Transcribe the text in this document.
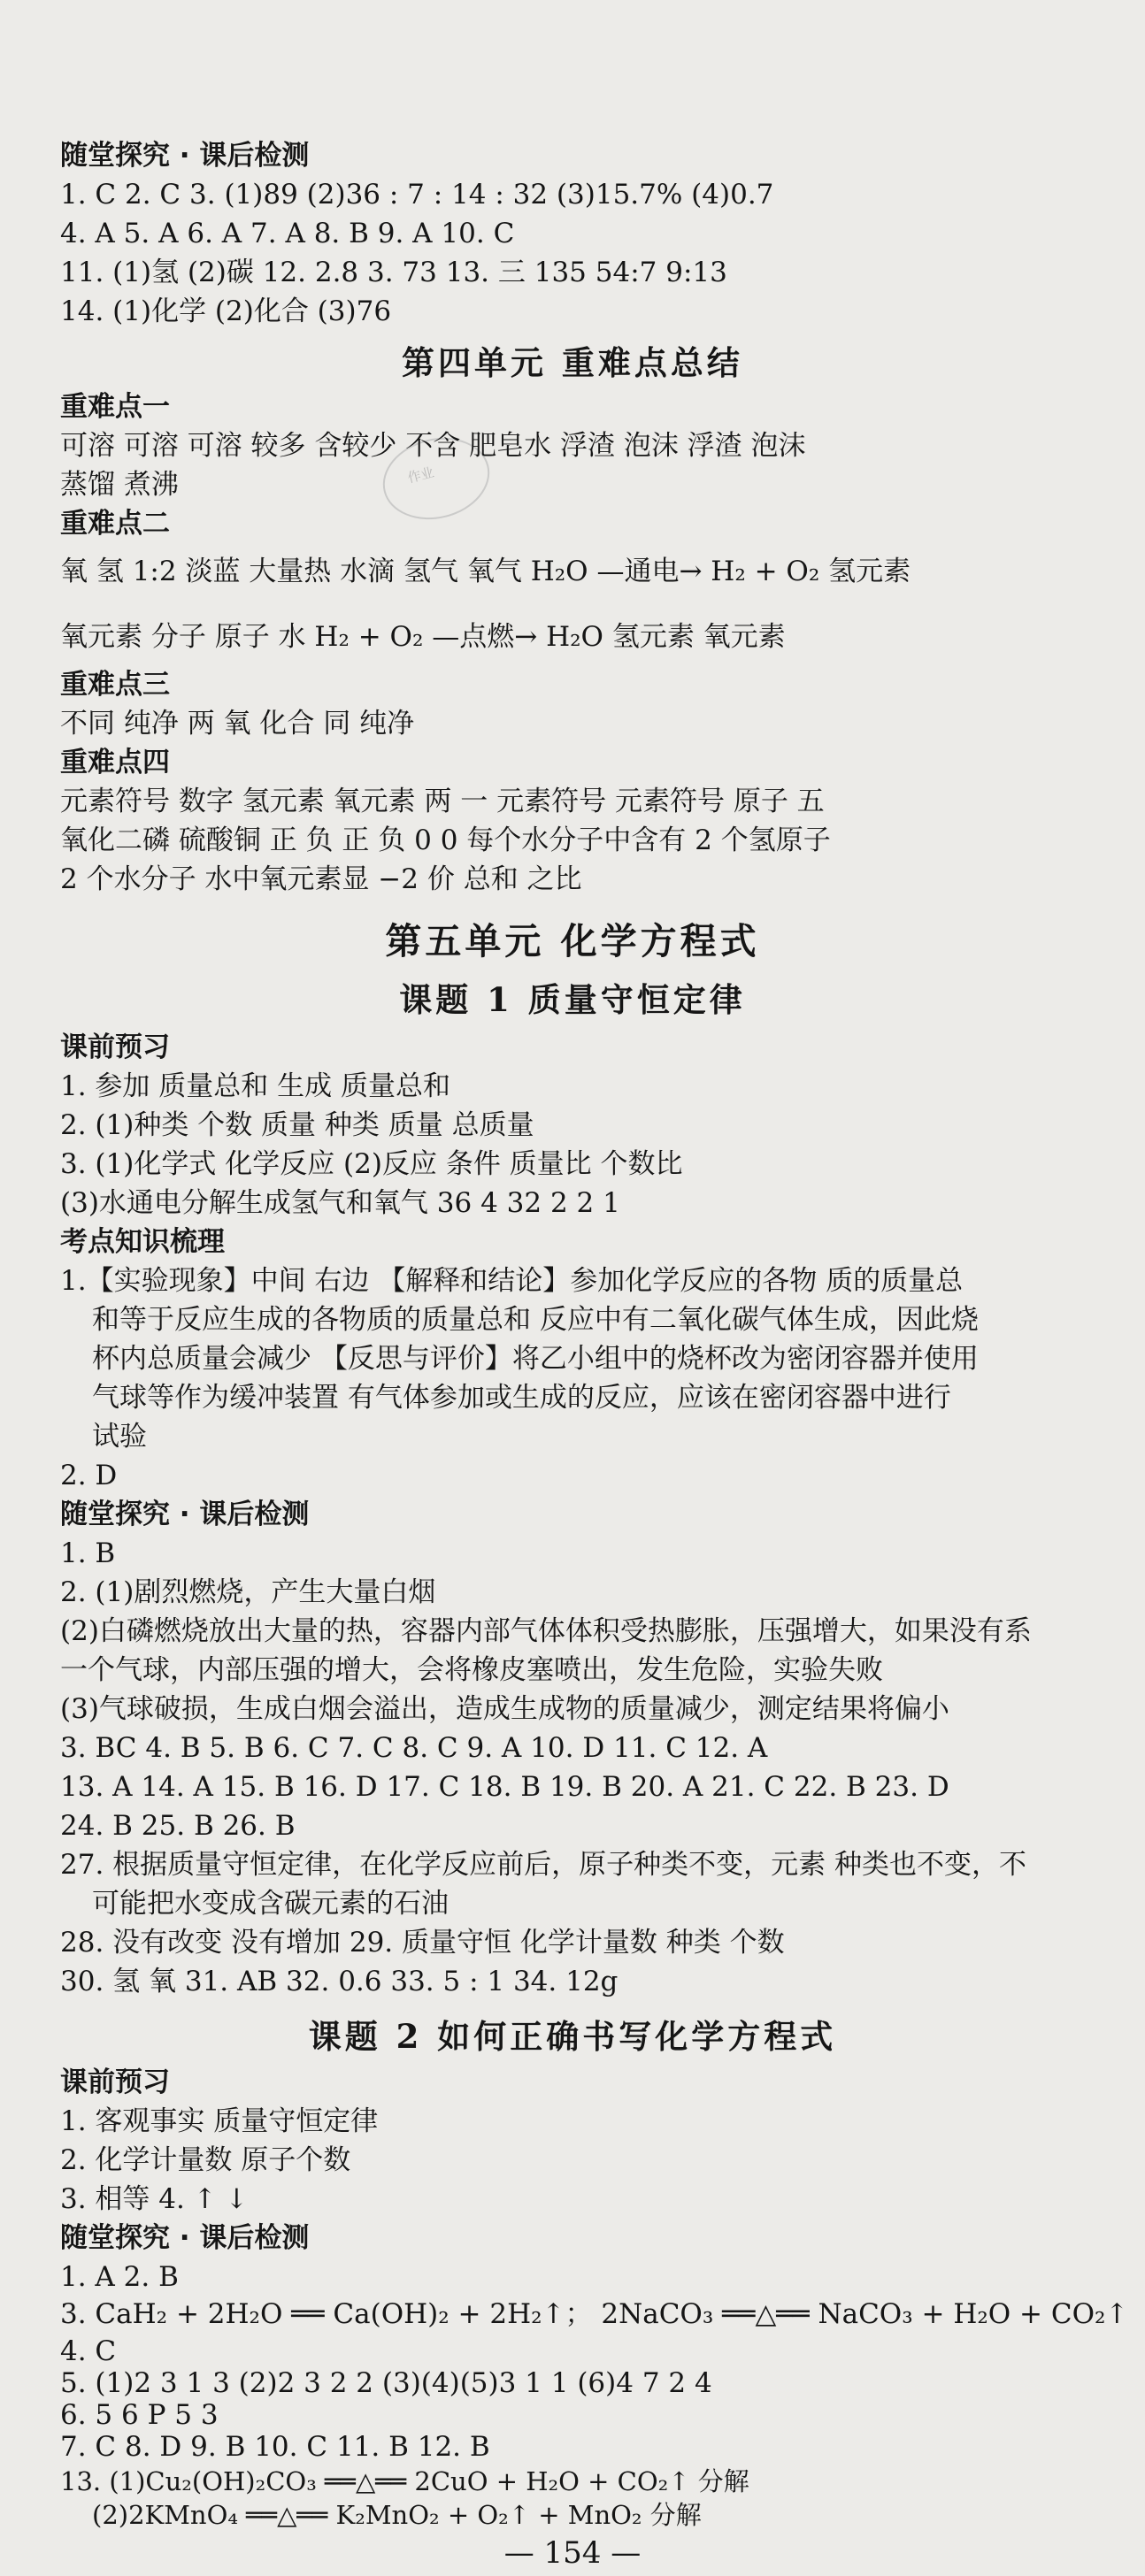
作业
随堂探究 · 课后检测
1. C 2. C 3. (1)89 (2)36 : 7 : 14 : 32 (3)15.7% (4)0.7
4. A 5. A 6. A 7. A 8. B 9. A 10. C
11. (1)氢 (2)碳 12. 2.8 3. 73 13. 三 135 54:7 9:13
14. (1)化学 (2)化合 (3)76
第四单元 重难点总结
重难点一
可溶 可溶 可溶 较多 含较少 不含 肥皂水 浮渣 泡沫 浮渣 泡沫
蒸馏 煮沸
重难点二
氧 氢 1:2 淡蓝 大量热 水滴 氢气 氧气 H₂O —通电→ H₂ + O₂ 氢元素
氧元素 分子 原子 水 H₂ + O₂ —点燃→ H₂O 氢元素 氧元素
重难点三
不同 纯净 两 氧 化合 同 纯净
重难点四
元素符号 数字 氢元素 氧元素 两 一 元素符号 元素符号 原子 五
氧化二磷 硫酸铜 正 负 正 负 0 0 每个水分子中含有 2 个氢原子
2 个水分子 水中氧元素显 −2 价 总和 之比
第五单元 化学方程式
课题 1 质量守恒定律
课前预习
1. 参加 质量总和 生成 质量总和
2. (1)种类 个数 质量 种类 质量 总质量
3. (1)化学式 化学反应 (2)反应 条件 质量比 个数比
(3)水通电分解生成氢气和氧气 36 4 32 2 2 1
考点知识梳理
1.【实验现象】中间 右边 【解释和结论】参加化学反应的各物 质的质量总
和等于反应生成的各物质的质量总和 反应中有二氧化碳气体生成，因此烧
杯内总质量会减少 【反思与评价】将乙小组中的烧杯改为密闭容器并使用
气球等作为缓冲装置 有气体参加或生成的反应，应该在密闭容器中进行
试验
2. D
随堂探究 · 课后检测
1. B
2. (1)剧烈燃烧，产生大量白烟
(2)白磷燃烧放出大量的热，容器内部气体体积受热膨胀，压强增大，如果没有系
一个气球，内部压强的增大，会将橡皮塞喷出，发生危险，实验失败
(3)气球破损，生成白烟会溢出，造成生成物的质量减少，测定结果将偏小
3. BC 4. B 5. B 6. C 7. C 8. C 9. A 10. D 11. C 12. A
13. A 14. A 15. B 16. D 17. C 18. B 19. B 20. A 21. C 22. B 23. D
24. B 25. B 26. B
27. 根据质量守恒定律，在化学反应前后，原子种类不变，元素 种类也不变，不
可能把水变成含碳元素的石油
28. 没有改变 没有增加 29. 质量守恒 化学计量数 种类 个数
30. 氢 氧 31. AB 32. 0.6 33. 5 : 1 34. 12g
课题 2 如何正确书写化学方程式
课前预习
1. 客观事实 质量守恒定律
2. 化学计量数 原子个数
3. 相等 4. ↑ ↓
随堂探究 · 课后检测
1. A 2. B
3. CaH₂ + 2H₂O ══ Ca(OH)₂ + 2H₂↑； 2NaCO₃ ══△══ NaCO₃ + H₂O + CO₂↑
4. C
5. (1)2 3 1 3 (2)2 3 2 2 (3)(4)(5)3 1 1 (6)4 7 2 4
6. 5 6 P 5 3
7. C 8. D 9. B 10. C 11. B 12. B
13. (1)Cu₂(OH)₂CO₃ ══△══ 2CuO + H₂O + CO₂↑ 分解
(2)2KMnO₄ ══△══ K₂MnO₂ + O₂↑ + MnO₂ 分解
— 154 —
